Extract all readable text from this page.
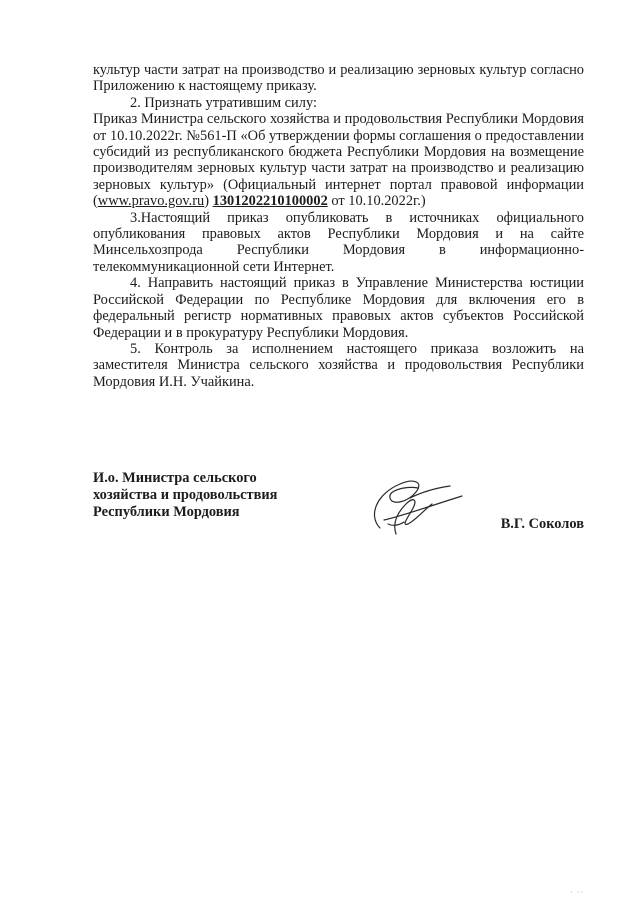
культур части затрат на производство и реализацию зерновых культур согласно Приложению к настоящему приказу.

2. Признать утратившим силу:

Приказ Министра сельского хозяйства и продовольствия Республики Мордовия от 10.10.2022г. №561-П «Об утверждении формы соглашения о предоставлении субсидий из республиканского бюджета Республики Мордовия на возмещение производителям зерновых культур части затрат на производство и реализацию зерновых культур» (Официальный интернет портал правовой информации (www.pravo.gov.ru) 1301202210100002 от 10.10.2022г.)

3.Настоящий приказ опубликовать в источниках официального опубликования правовых актов Республики Мордовия и на сайте Минсельхозпрода Республики Мордовия в информационно-телекоммуникационной сети Интернет.

4. Направить настоящий приказ в Управление Министерства юстиции Российской Федерации по Республике Мордовия для включения его в федеральный регистр нормативных правовых актов субъектов Российской Федерации и в прокуратуру Республики Мордовия.

5. Контроль за исполнением настоящего приказа возложить на заместителя Министра сельского хозяйства и продовольствия Республики Мордовия И.Н. Учайкина.

И.о. Министра сельского
хозяйства и продовольствия
Республики Мордовия
В.Г. Соколов
· ··
